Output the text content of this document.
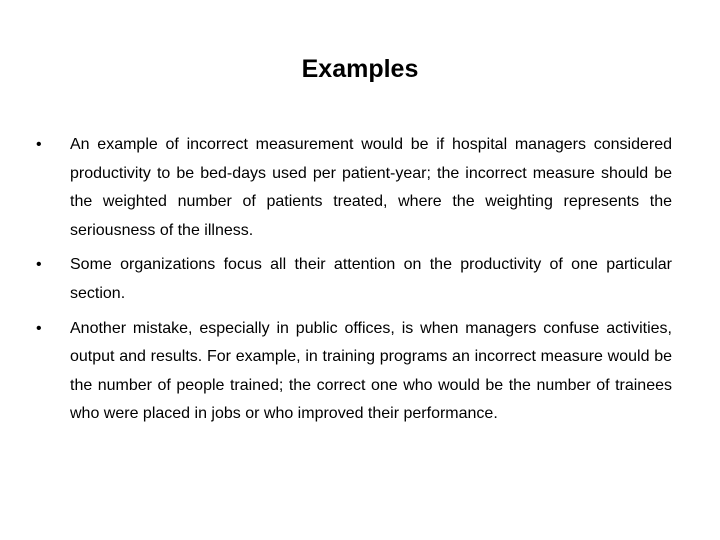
Examples
• An example of incorrect measurement would be if hospital managers considered productivity to be bed-days used per patient-year; the incorrect measure should be the weighted number of patients treated, where the weighting represents the seriousness of the illness.
• Some organizations focus all their attention on the productivity of one particular section.
• Another mistake, especially in public offices, is when managers confuse activities, output and results. For example, in training programs an incorrect measure would be the number of people trained; the correct one who would be the number of trainees who were placed in jobs or who improved their performance.
